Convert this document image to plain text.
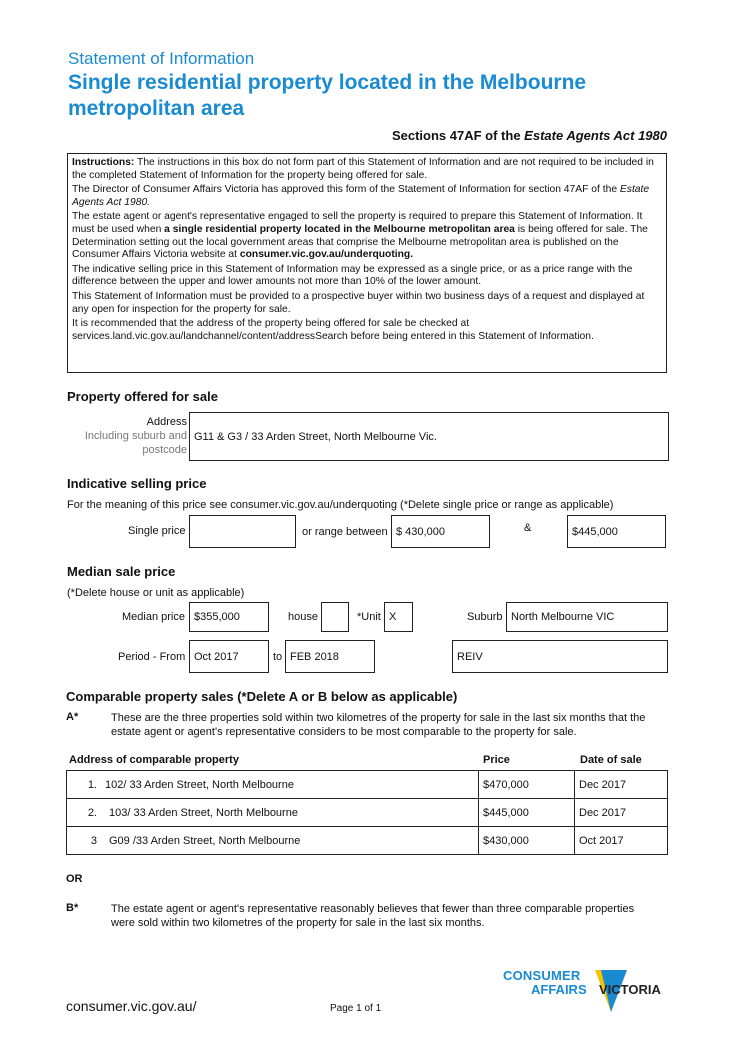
Statement of Information
Single residential property located in the Melbourne metropolitan area
Sections 47AF of the Estate Agents Act 1980

Instructions: The instructions in this box do not form part of this Statement of Information and are not required to be included in the completed Statement of Information for the property being offered for sale.

The Director of Consumer Affairs Victoria has approved this form of the Statement of Information for section 47AF of the Estate Agents Act 1980.

The estate agent or agent's representative engaged to sell the property is required to prepare this Statement of Information. It must be used when a single residential property located in the Melbourne metropolitan area is being offered for sale. The Determination setting out the local government areas that comprise the Melbourne metropolitan area is published on the Consumer Affairs Victoria website at consumer.vic.gov.au/underquoting.

The indicative selling price in this Statement of Information may be expressed as a single price, or as a price range with the difference between the upper and lower amounts not more than 10% of the lower amount.

This Statement of Information must be provided to a prospective buyer within two business days of a request and displayed at any open for inspection for the property for sale.

It is recommended that the address of the property being offered for sale be checked at services.land.vic.gov.au/landchannel/content/addressSearch before being entered in this Statement of Information.

Property offered for sale
Address
Including suburb and
postcode
G11 & G3 / 33 Arden Street, North Melbourne Vic.
Indicative selling price
For the meaning of this price see consumer.vic.gov.au/underquoting (*Delete single price or range as applicable)
Single price	or range between $ 430,000	&	$445,000
Median sale price
(*Delete house or unit as applicable)
Median price $355,000	house	*Unit X	Suburb North Melbourne VIC
Period - From Oct 2017	to FEB 2018	REIV
Comparable property sales (*Delete A or B below as applicable)
A*	These are the three properties sold within two kilometres of the property for sale in the last six months that the estate agent or agent's representative considers to be most comparable to the property for sale.
Address of comparable property	Price	Date of sale
1. 102/ 33 Arden Street, North Melbourne	$470,000	Dec 2017
2. 103/ 33 Arden Street, North Melbourne	$445,000	Dec 2017
3 G09 /33 Arden Street, North Melbourne	$430,000	Oct 2017
OR
B*	The estate agent or agent's representative reasonably believes that fewer than three comparable properties were sold within two kilometres of the property for sale in the last six months.
consumer.vic.gov.au/	Page 1 of 1
CONSUMER
AFFAIRS VICTORIA
